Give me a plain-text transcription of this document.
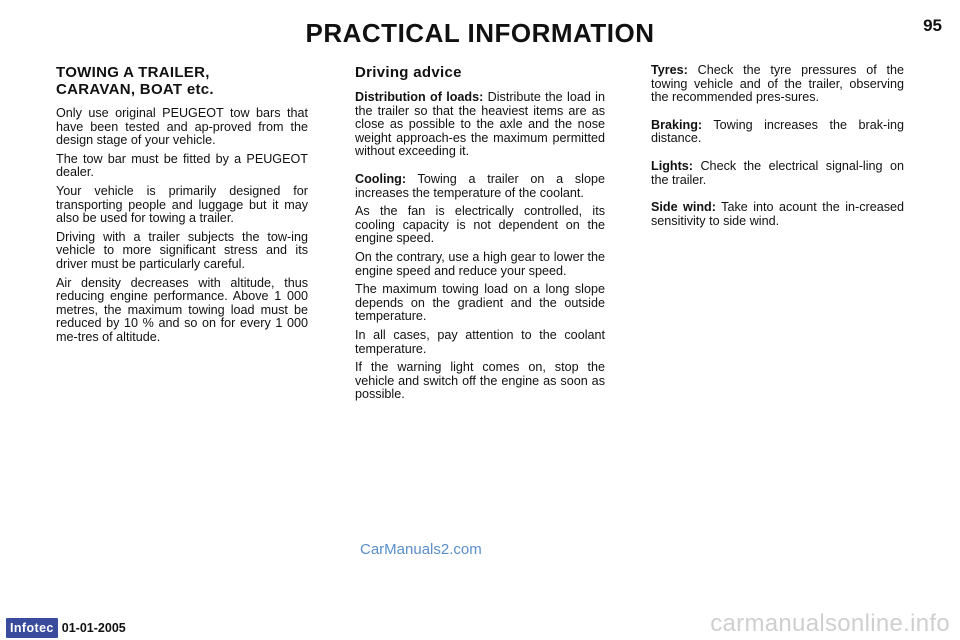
PRACTICAL INFORMATION	95
TOWING A TRAILER,
CARAVAN, BOAT etc.

Only use original PEUGEOT tow bars that have been tested and ap-proved from the design stage of your vehicle.

The tow bar must be fitted by a PEUGEOT dealer.

Your vehicle is primarily designed for transporting people and luggage but it may also be used for towing a trailer.

Driving with a trailer subjects the tow-ing vehicle to more significant stress and its driver must be particularly careful.

Air density decreases with altitude, thus reducing engine performance. Above 1 000 metres, the maximum towing load must be reduced by 10 % and so on for every 1 000 me-tres of altitude.

Driving advice

Distribution of loads: Distribute the load in the trailer so that the heaviest items are as close as possible to the axle and the nose weight approach-es the maximum permitted without exceeding it.

Cooling: Towing a trailer on a slope increases the temperature of the coolant.

As the fan is electrically controlled, its cooling capacity is not dependent on the engine speed.

On the contrary, use a high gear to lower the engine speed and reduce your speed.

The maximum towing load on a long slope depends on the gradient and the outside temperature.

In all cases, pay attention to the coolant temperature.

If the warning light comes on, stop the vehicle and switch off the engine as soon as possible.

Tyres: Check the tyre pressures of the towing vehicle and of the trailer, observing the recommended pres-sures.

Braking: Towing increases the brak-ing distance.

Lights: Check the electrical signal-ling on the trailer.

Side wind: Take into acount the in-creased sensitivity to side wind.

CarManuals2.com
Infotec 01-01-2005	carmanualsonline.info
